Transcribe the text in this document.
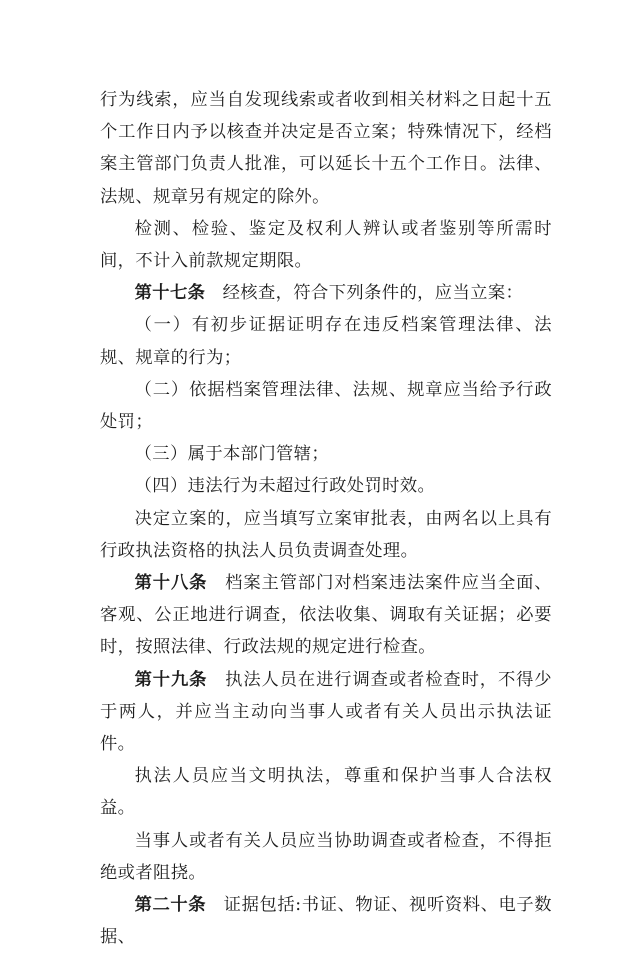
行为线索，应当自发现线索或者收到相关材料之日起十五个工作日内予以核查并决定是否立案；特殊情况下，经档案主管部门负责人批准，可以延长十五个工作日。法律、法规、规章另有规定的除外。

检测、检验、鉴定及权利人辨认或者鉴别等所需时间，不计入前款规定期限。

第十七条 经核查，符合下列条件的，应当立案：

（一）有初步证据证明存在违反档案管理法律、法规、规章的行为；

（二）依据档案管理法律、法规、规章应当给予行政处罚；

（三）属于本部门管辖；

（四）违法行为未超过行政处罚时效。

决定立案的，应当填写立案审批表，由两名以上具有行政执法资格的执法人员负责调查处理。

第十八条 档案主管部门对档案违法案件应当全面、客观、公正地进行调查，依法收集、调取有关证据；必要时，按照法律、行政法规的规定进行检查。

第十九条 执法人员在进行调查或者检查时，不得少于两人，并应当主动向当事人或者有关人员出示执法证件。

执法人员应当文明执法，尊重和保护当事人合法权益。

当事人或者有关人员应当协助调查或者检查，不得拒绝或者阻挠。

第二十条 证据包括:书证、物证、视听资料、电子数据、
